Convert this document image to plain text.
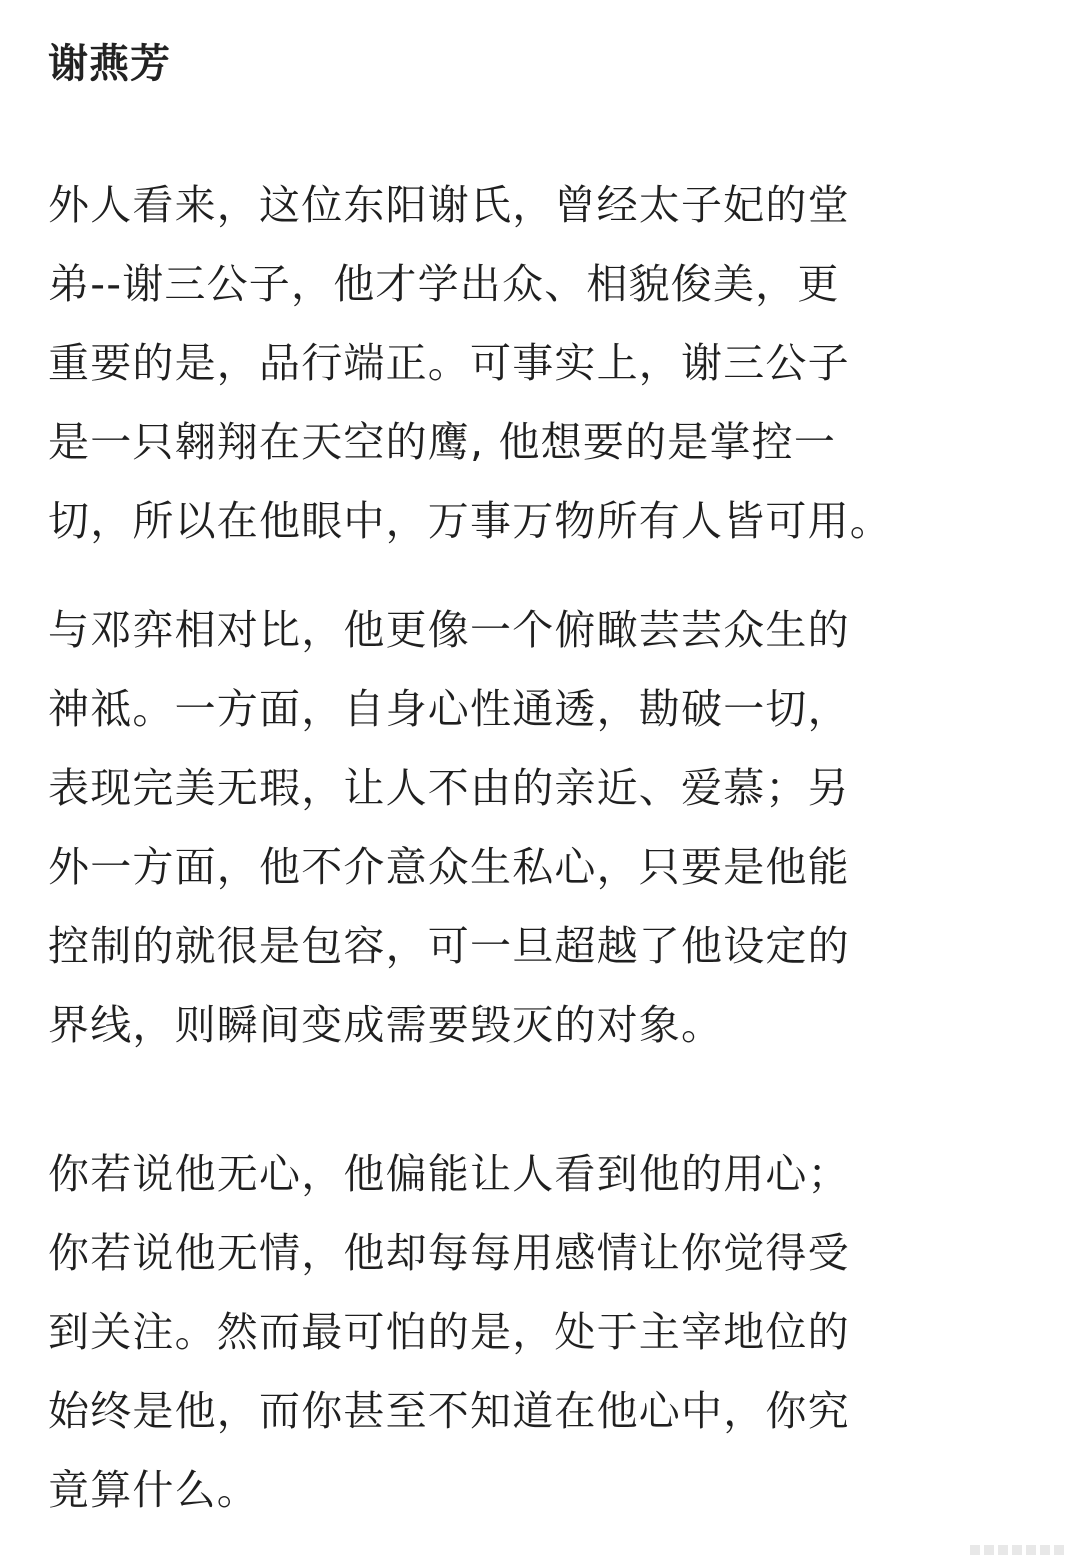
谢燕芳
外人看来，这位东阳谢氏，曾经太子妃的堂
弟--谢三公子，他才学出众、相貌俊美，更
重要的是，品行端正。可事实上，谢三公子
是一只翱翔在天空的鹰, 他想要的是掌控一
切，所以在他眼中，万事万物所有人皆可用。
与邓弈相对比，他更像一个俯瞰芸芸众生的
神祗。一方面，自身心性通透，勘破一切，
表现完美无瑕，让人不由的亲近、爱慕；另
外一方面，他不介意众生私心，只要是他能
控制的就很是包容，可一旦超越了他设定的
界线，则瞬间变成需要毁灭的对象。
你若说他无心，他偏能让人看到他的用心；
你若说他无情，他却每每用感情让你觉得受
到关注。然而最可怕的是，处于主宰地位的
始终是他，而你甚至不知道在他心中，你究
竟算什么。
